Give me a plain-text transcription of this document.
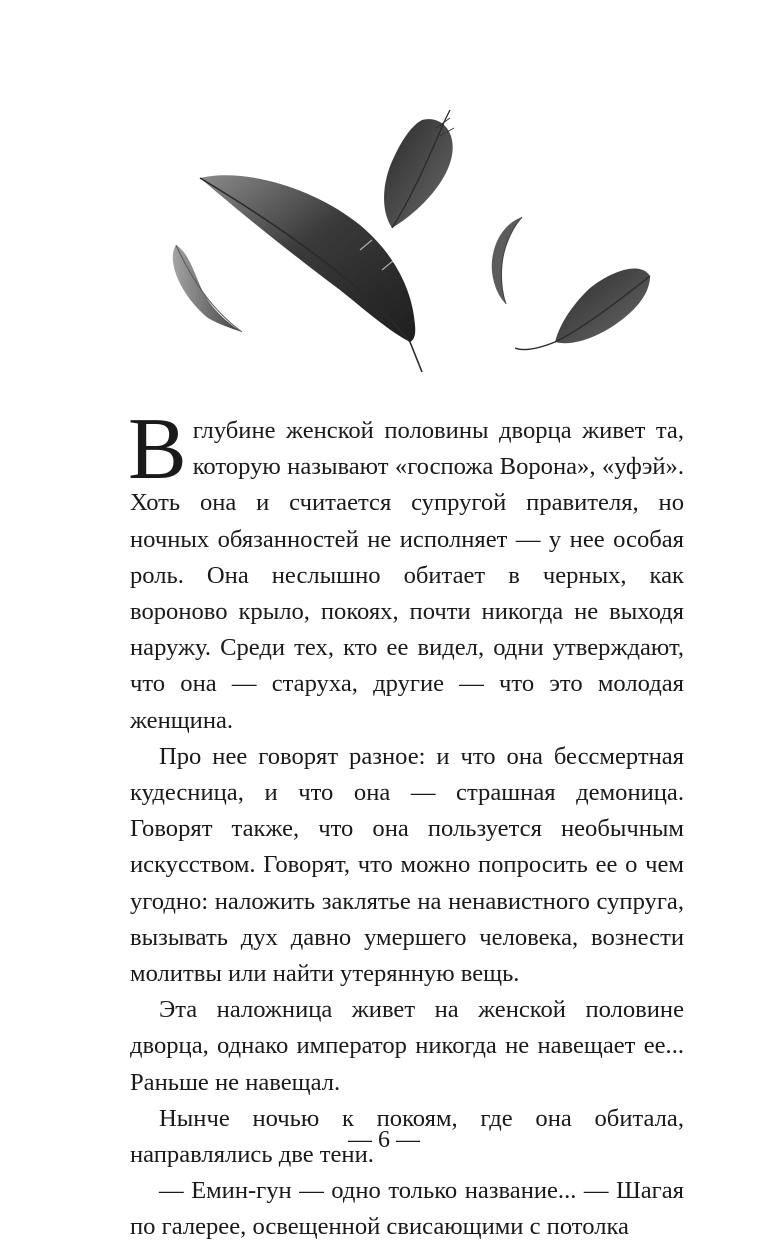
В глубине женской половины дворца живет та, которую называют «госпожа Ворона», «уфэй». Хоть она и считается супругой правителя, но ночных обязанностей не исполняет — у нее особая роль. Она неслышно обитает в черных, как вороново крыло, покоях, почти никогда не выходя наружу. Среди тех, кто ее видел, одни утверждают, что она — старуха, другие — что это молодая женщина.

Про нее говорят разное: и что она бессмертная кудесница, и что она — страшная демоница. Говорят также, что она пользуется необычным искусством. Говорят, что можно попросить ее о чем угодно: наложить заклятье на ненавистного супруга, вызывать дух давно умершего человека, вознести молитвы или найти утерянную вещь.

Эта наложница живет на женской половине дворца, однако император никогда не навещает ее... Раньше не навещал.

Нынче ночью к покоям, где она обитала, направлялись две тени.

— Емин-гун — одно только название... — Шагая по галерее, освещенной свисающими с потолка

— 6 —
